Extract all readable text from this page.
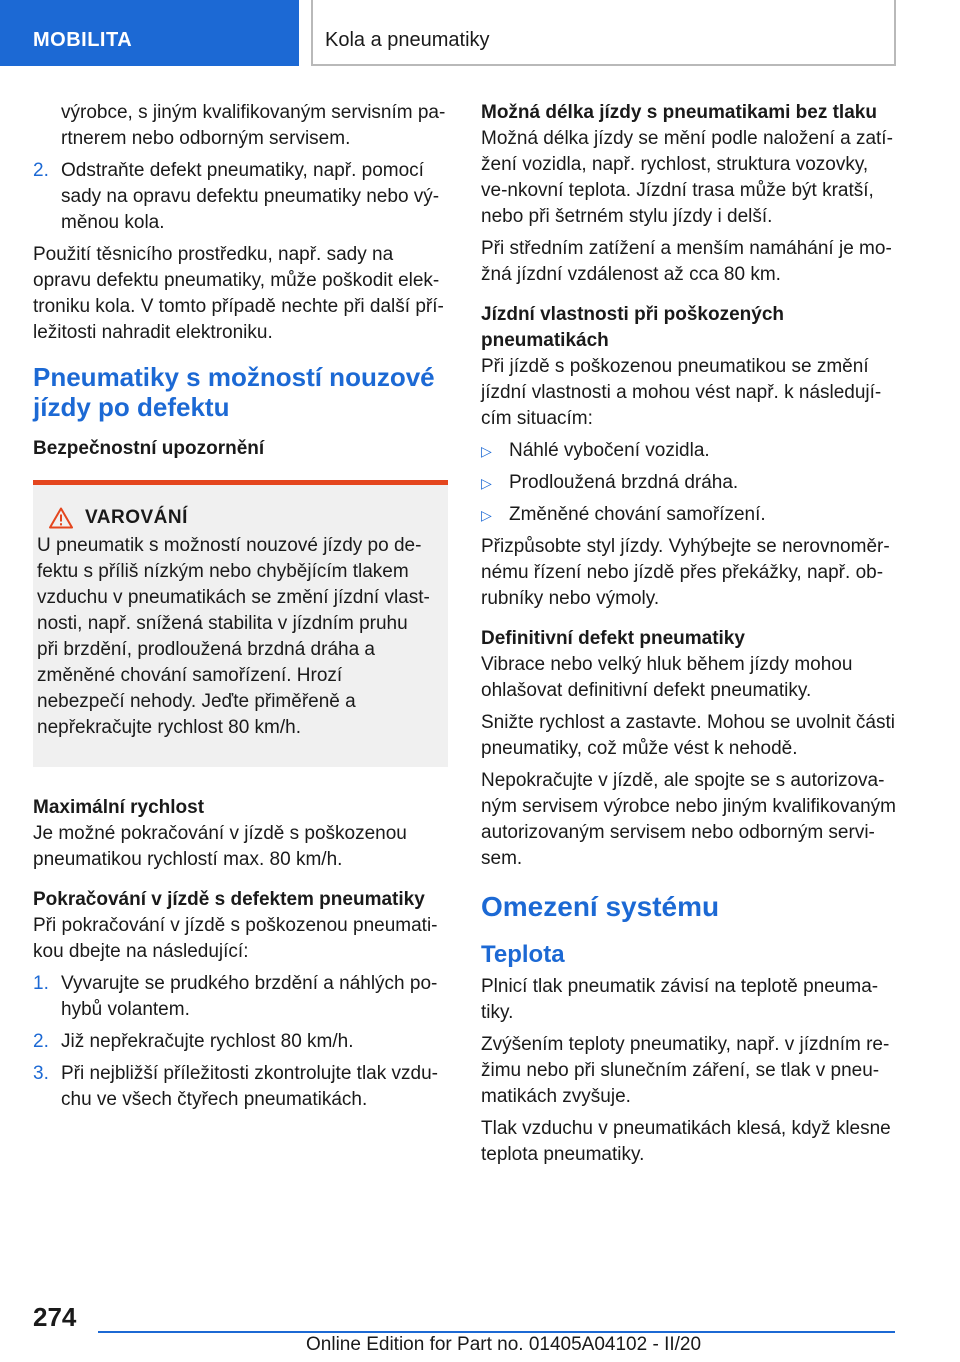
MOBILITA	Kola a pneumatiky

výrobce, s jiným kvalifikovaným servisním pa-rtnerem nebo odborným servisem.

2. Odstraňte defekt pneumatiky, např. pomocí sady na opravu defektu pneumatiky nebo vý-měnou kola.

Použití těsnicího prostředku, např. sady na opravu defektu pneumatiky, může poškodit elek-troniku kola. V tomto případě nechte při další pří-ležitosti nahradit elektroniku.

Pneumatiky s možností nouzové jízdy po defektu
Bezpečnostní upozornění
VAROVÁNÍ

U pneumatik s možností nouzové jízdy po de-fektu s příliš nízkým nebo chybějícím tlakem vzduchu v pneumatikách se změní jízdní vlast-nosti, např. snížená stabilita v jízdním pruhu při brzdění, prodloužená brzdná dráha a změněné chování samořízení. Hrozí nebezpečí nehody. Jeďte přiměřeně a nepřekračujte rychlost 80 km/h.

Maximální rychlost

Je možné pokračování v jízdě s poškozenou pneumatikou rychlostí max. 80 km/h.

Pokračování v jízdě s defektem pneumatiky

Při pokračování v jízdě s poškozenou pneumati-kou dbejte na následující:

1. Vyvarujte se prudkého brzdění a náhlých po-hybů volantem.
2. Již nepřekračujte rychlost 80 km/h.
3. Při nejbližší příležitosti zkontrolujte tlak vzdu-chu ve všech čtyřech pneumatikách.
Možná délka jízdy s pneumatikami bez tlaku

Možná délka jízdy se mění podle naložení a zatí-žení vozidla, např. rychlost, struktura vozovky, ve-nkovní teplota. Jízdní trasa může být kratší, nebo při šetrném stylu jízdy i delší.

Při středním zatížení a menším namáhání je mo-žná jízdní vzdálenost až cca 80 km.

Jízdní vlastnosti při poškozených pneumatikách

Při jízdě s poškozenou pneumatikou se změní jízdní vlastnosti a mohou vést např. k následují-cím situacím:

▷ Náhlé vybočení vozidla.
▷ Prodloužená brzdná dráha.
▷ Změněné chování samořízení.

Přizpůsobte styl jízdy. Vyhýbejte se nerovnoměr-nému řízení nebo jízdě přes překážky, např. ob-rubníky nebo výmoly.

Definitivní defekt pneumatiky

Vibrace nebo velký hluk během jízdy mohou ohlašovat definitivní defekt pneumatiky.

Snižte rychlost a zastavte. Mohou se uvolnit části pneumatiky, což může vést k nehodě.

Nepokračujte v jízdě, ale spojte se s autorizova-ným servisem výrobce nebo jiným kvalifikovaným autorizovaným servisem nebo odborným servi-sem.

Omezení systému
Teplota

Plnicí tlak pneumatik závisí na teplotě pneuma-tiky.

Zvýšením teploty pneumatiky, např. v jízdním re-žimu nebo při slunečním záření, se tlak v pneu-matikách zvyšuje.

Tlak vzduchu v pneumatikách klesá, když klesne teplota pneumatiky.

274
Online Edition for Part no. 01405A04102 - II/20
